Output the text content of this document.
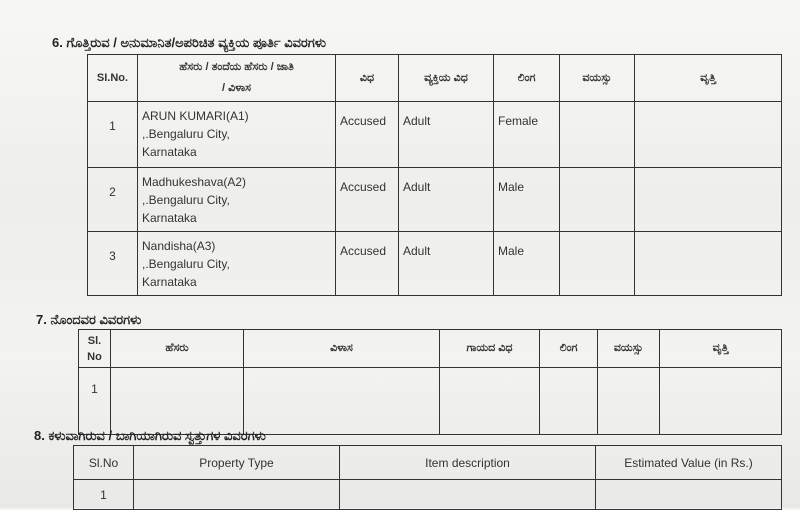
6. ಗೊತ್ತಿರುವ / ಅನುಮಾನಿತ/ಅಪರಿಚಿತ ವ್ಯಕ್ತಿಯ ಪೂರ್ತಿ ವಿವರಗಳು
SI.No.	ಹೆಸರು / ತಂದೆಯ ಹೆಸರು / ಜಾತಿ
/ ವಿಳಾಸ	ವಿಧ	ವ್ಯಕ್ತಿಯ ವಿಧ	ಲಿಂಗ	ವಯಸ್ಸು	ವೃತ್ತಿ
1	ARUN KUMARI(A1)
,.Bengaluru City,
Karnataka	Accused	Adult	Female		
2	Madhukeshava(A2)
,.Bengaluru City,
Karnataka	Accused	Adult	Male		
3	Nandisha(A3)
,.Bengaluru City,
Karnataka	Accused	Adult	Male		
7. ನೊಂದವರ ವಿವರಗಳು
Sl.
No	ಹೆಸರು	ವಿಳಾಸ	ಗಾಯದ ವಿಧ	ಲಿಂಗ	ವಯಸ್ಸು	ವೃತ್ತಿ
1						
8. ಕಳುವಾಗಿರುವ / ಬಾಗಿಯಾಗಿರುವ ಸ್ವತ್ತುಗಳ ವಿವರಗಳು
Sl.No	Property Type	Item description	Estimated Value (in Rs.)
1			
